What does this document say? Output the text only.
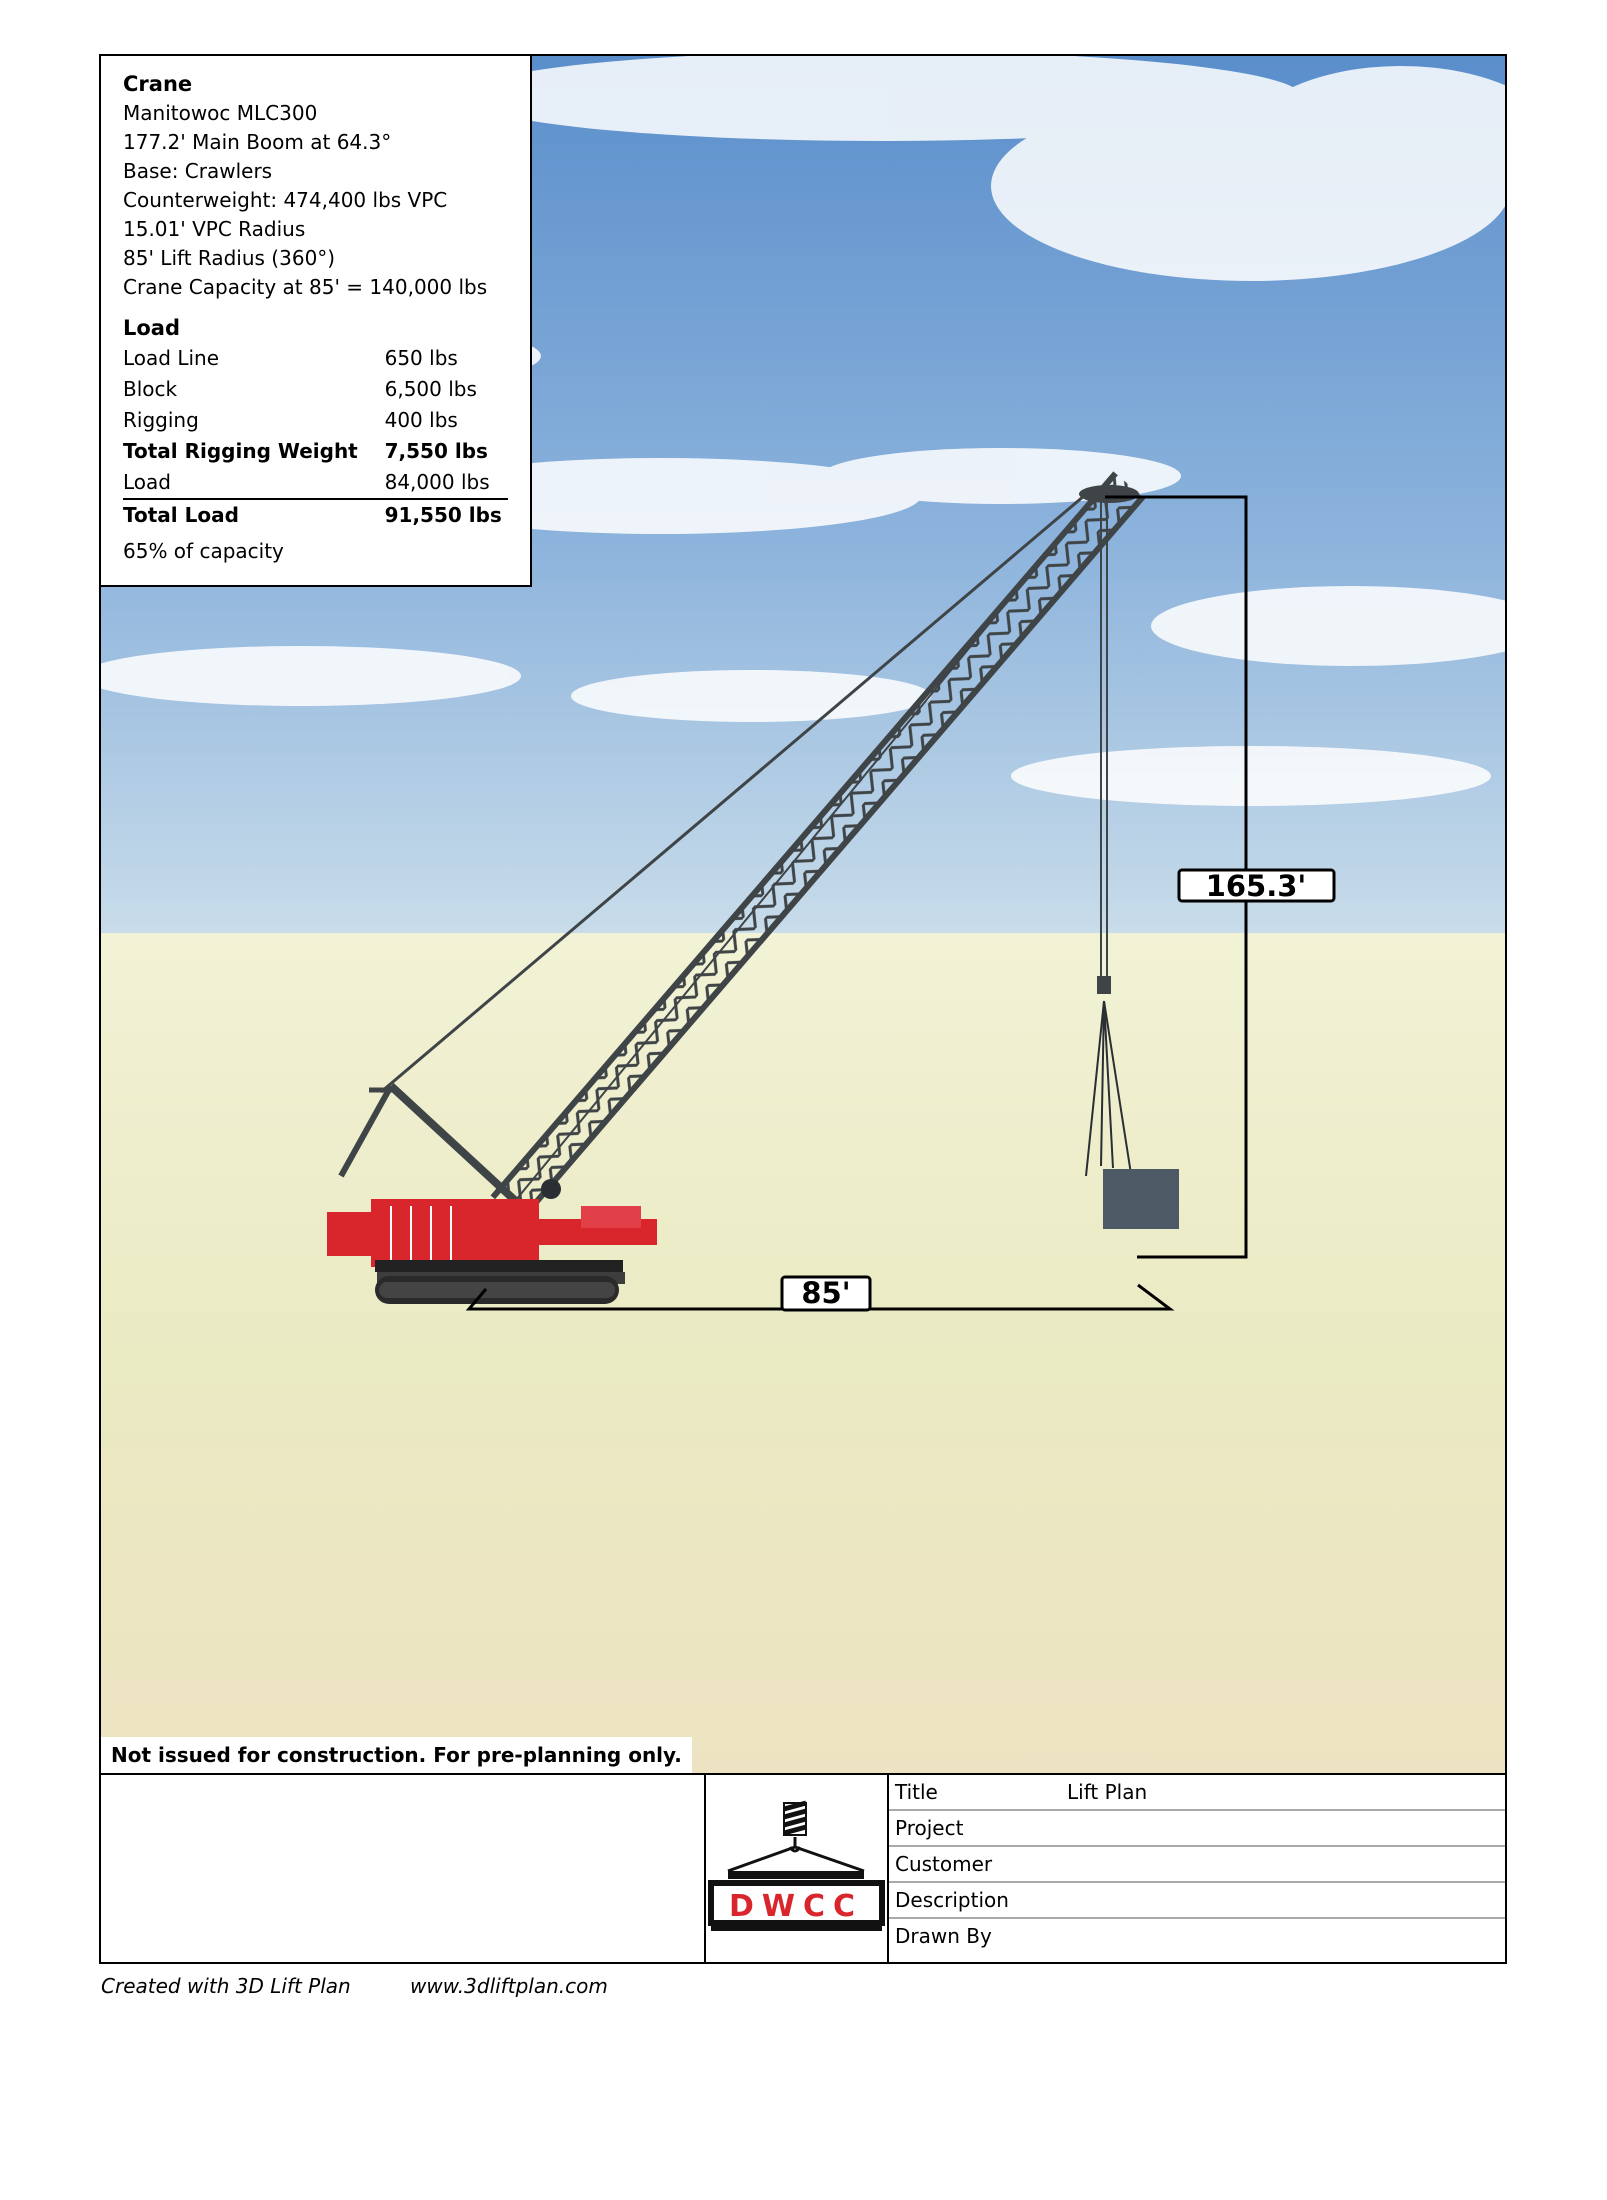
165.3'
85'
Crane
Manitowoc MLC300
177.2' Main Boom at 64.3°
Base: Crawlers
Counterweight: 474,400 lbs VPC
15.01' VPC Radius
85' Lift Radius (360°)
Crane Capacity at 85' = 140,000 lbs
Load
Load Line	650 lbs
Block	6,500 lbs
Rigging	400 lbs
Total Rigging Weight	7,550 lbs
Load	84,000 lbs
Total Load	91,550 lbs
65% of capacity
Not issued for construction. For pre-planning only.
DWCC
Title	Lift Plan
Project
Customer
Description
Drawn By
Created with 3D Lift Plan	www.3dliftplan.com
